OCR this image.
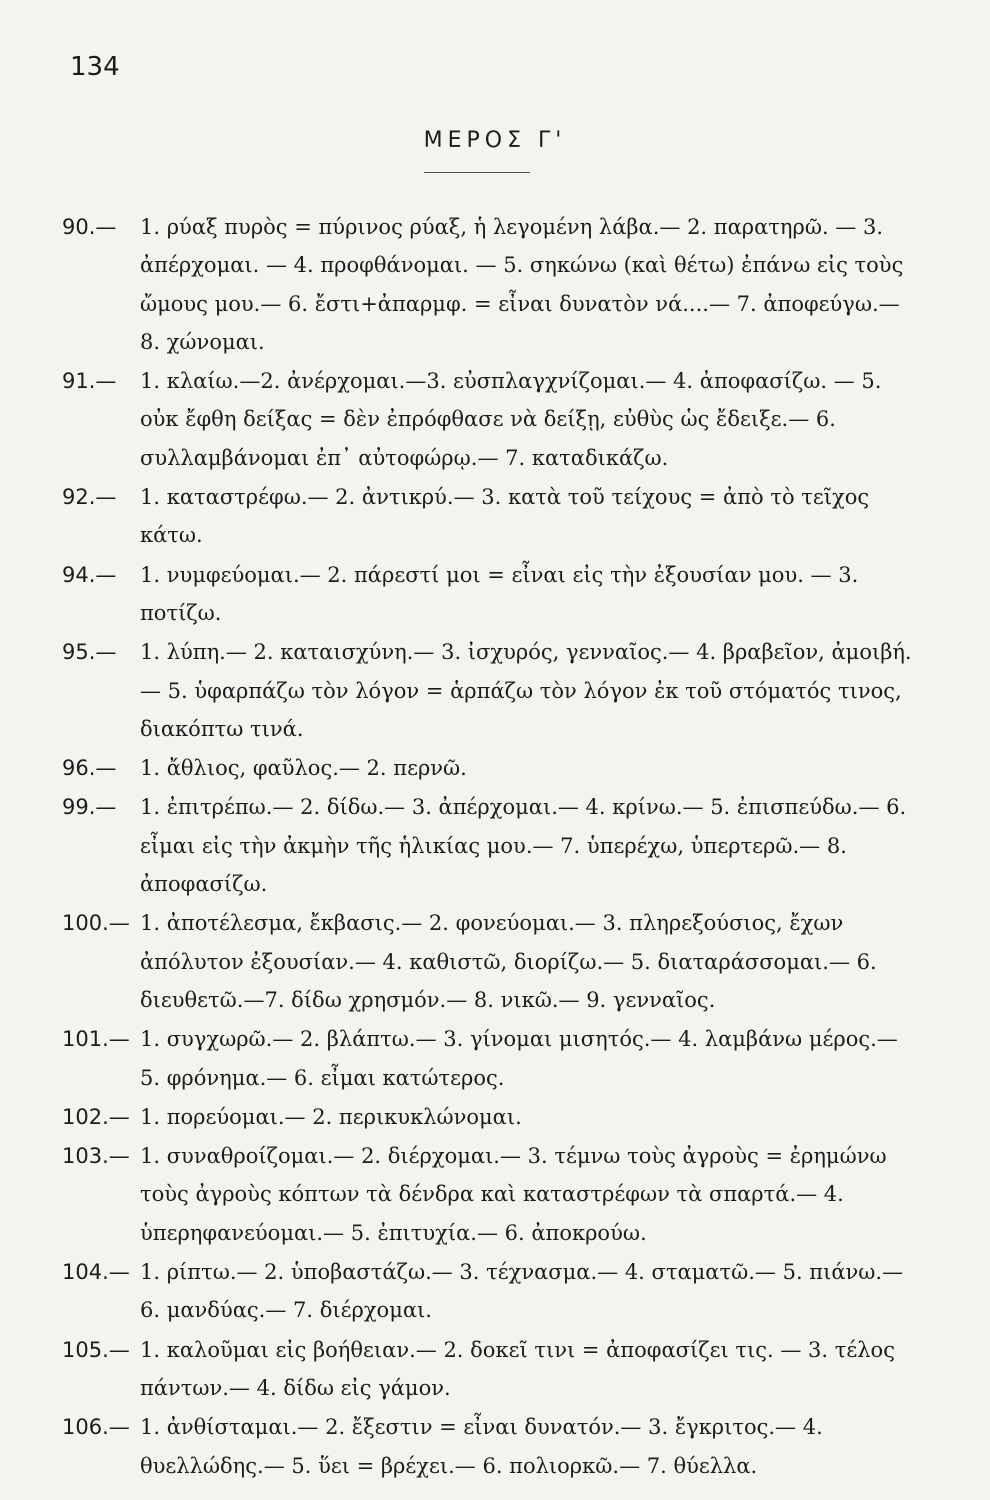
134
ΜΕΡΟΣ Γ'
90.— 1. ρύαξ πυρὸς = πύρινος ρύαξ, ἡ λεγομένη λάβα.— 2. παρατηρῶ. — 3. ἀπέρχομαι. — 4. προφθάνομαι. — 5. σηκώνω (καὶ θέτω) ἐπάνω εἰς τοὺς ὤμους μου.— 6. ἔστι+ἀπαρμφ. = εἶναι δυνατὸν νά....— 7. ἀποφεύγω.— 8. χώνομαι.
91.— 1. κλαίω.—2. ἀνέρχομαι.—3. εὐσπλαγχνίζομαι.— 4. ἀποφασίζω. — 5. οὐκ ἔφθη δείξας = δὲν ἐπρόφθασε νὰ δείξῃ, εὐθὺς ὡς ἔδειξε.— 6. συλλαμβάνομαι ἐπ᾿ αὐτοφώρῳ.— 7. καταδικάζω.
92.— 1. καταστρέφω.— 2. ἀντικρύ.— 3. κατὰ τοῦ τείχους = ἀπὸ τὸ τεῖχος κάτω.
94.— 1. νυμφεύομαι.— 2. πάρεστί μοι = εἶναι εἰς τὴν ἐξουσίαν μου. — 3. ποτίζω.
95.— 1. λύπη.— 2. καταισχύνη.— 3. ἰσχυρός, γενναῖος.— 4. βραβεῖον, ἀμοιβή.— 5. ὑφαρπάζω τὸν λόγον = ἁρπάζω τὸν λόγον ἐκ τοῦ στόματός τινος, διακόπτω τινά.
96.— 1. ἄθλιος, φαῦλος.— 2. περνῶ.
99.— 1. ἐπιτρέπω.— 2. δίδω.— 3. ἀπέρχομαι.— 4. κρίνω.— 5. ἐπισπεύδω.— 6. εἶμαι εἰς τὴν ἀκμὴν τῆς ἡλικίας μου.— 7. ὑπερέχω, ὑπερτερῶ.— 8. ἀποφασίζω.
100.— 1. ἀποτέλεσμα, ἔκβασις.— 2. φονεύομαι.— 3. πληρεξούσιος, ἔχων ἀπόλυτον ἐξουσίαν.— 4. καθιστῶ, διορίζω.— 5. διαταράσσομαι.— 6. διευθετῶ.—7. δίδω χρησμόν.— 8. νικῶ.— 9. γενναῖος.
101.— 1. συγχωρῶ.— 2. βλάπτω.— 3. γίνομαι μισητός.— 4. λαμβάνω μέρος.— 5. φρόνημα.— 6. εἶμαι κατώτερος.
102.— 1. πορεύομαι.— 2. περικυκλώνομαι.
103.— 1. συναθροίζομαι.— 2. διέρχομαι.— 3. τέμνω τοὺς ἀγροὺς = ἐρημώνω τοὺς ἀγροὺς κόπτων τὰ δένδρα καὶ καταστρέφων τὰ σπαρτά.— 4. ὑπερηφανεύομαι.— 5. ἐπιτυχία.— 6. ἀποκρούω.
104.— 1. ρίπτω.— 2. ὑποβαστάζω.— 3. τέχνασμα.— 4. σταματῶ.— 5. πιάνω.— 6. μανδύας.— 7. διέρχομαι.
105.— 1. καλοῦμαι εἰς βοήθειαν.— 2. δοκεῖ τινι = ἀποφασίζει τις. — 3. τέλος πάντων.— 4. δίδω εἰς γάμον.
106.— 1. ἀνθίσταμαι.— 2. ἔξεστιν = εἶναι δυνατόν.— 3. ἔγκριτος.— 4. θυελλώδης.— 5. ὕει = βρέχει.— 6. πολιορκῶ.— 7. θύελλα.
